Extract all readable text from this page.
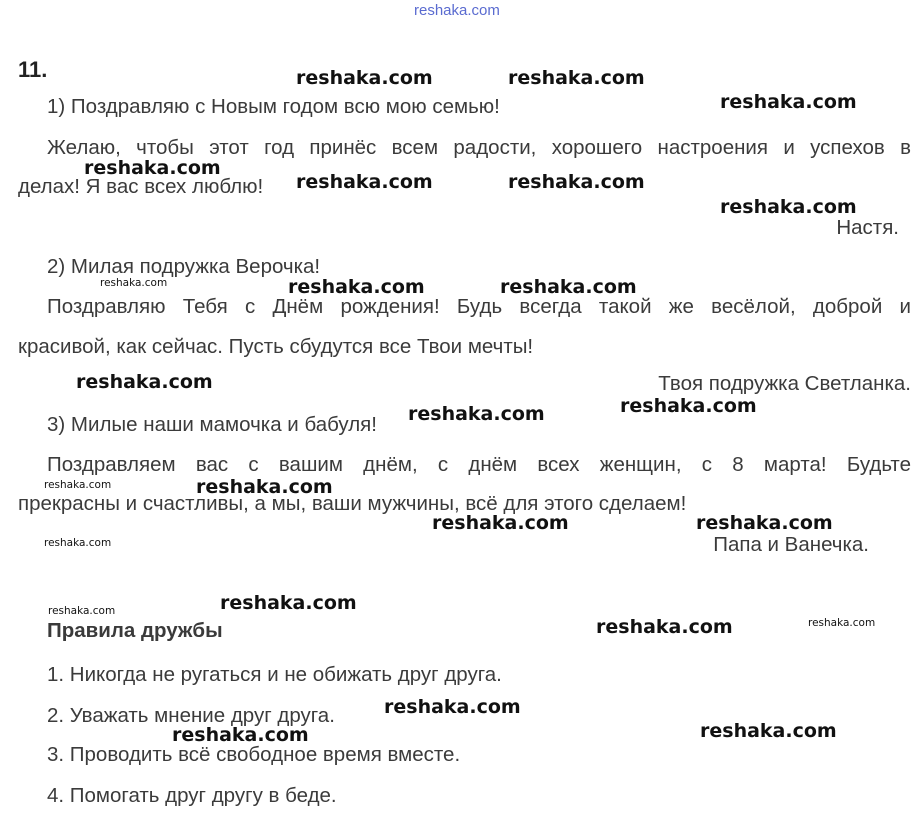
reshaka.com
11.
1) Поздравляю с Новым годом всю мою семью!
Желаю, чтобы этот год принёс всем радости, хорошего настроения и успехов в
делах! Я вас всех люблю!
Настя.
2) Милая подружка Верочка!
Поздравляю Тебя с Днём рождения! Будь всегда такой же весёлой, доброй и
красивой, как сейчас. Пусть сбудутся все Твои мечты!
Твоя подружка Светланка.
3) Милые наши мамочка и бабуля!
Поздравляем вас с вашим днём, с днём всех женщин, с 8 марта! Будьте
прекрасны и счастливы, а мы, ваши мужчины, всё для этого сделаем!
Папа и Ванечка.
Правила дружбы
1. Никогда не ругаться и не обижать друг друга.
2. Уважать мнение друг друга.
3. Проводить всё свободное время вместе.
4. Помогать друг другу в беде.
reshaka.com	reshaka.com
reshaka.com
reshaka.com
reshaka.com	reshaka.com
reshaka.com
reshaka.com	reshaka.com
reshaka.com
reshaka.com
reshaka.com
reshaka.com
reshaka.com	reshaka.com
reshaka.com	reshaka.com
reshaka.com
reshaka.com
reshaka.com
reshaka.com	reshaka.com
reshaka.com
reshaka.com	reshaka.com
